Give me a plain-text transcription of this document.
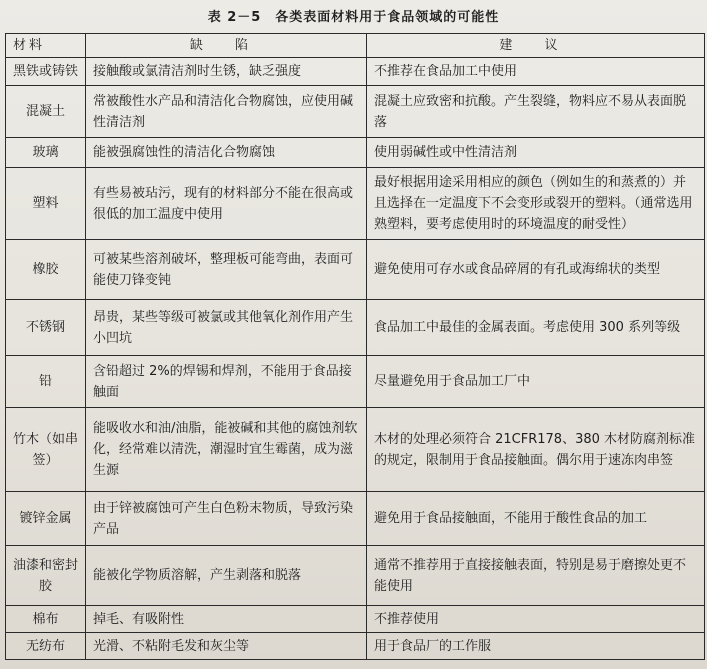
表 2－5　各类表面材料用于食品领域的可能性
材料	缺 陷	建 议
黑铁或铸铁	接触酸或氯清洁剂时生锈，缺乏强度	不推荐在食品加工中使用
混凝土	常被酸性水产品和清洁化合物腐蚀，应使用碱性清洁剂	混凝土应致密和抗酸。产生裂缝，物料应不易从表面脱落
玻璃	能被强腐蚀性的清洁化合物腐蚀	使用弱碱性或中性清洁剂
塑料	有些易被玷污，现有的材料部分不能在很高或很低的加工温度中使用	最好根据用途采用相应的颜色（例如生的和蒸煮的）并且选择在一定温度下不会变形或裂开的塑料。（通常选用熟塑料，要考虑使用时的环境温度的耐受性）
橡胶	可被某些溶剂破坏，整理板可能弯曲，表面可能使刀锋变钝	避免使用可存水或食品碎屑的有孔或海绵状的类型
不锈钢	昂贵，某些等级可被氯或其他氧化剂作用产生小凹坑	食品加工中最佳的金属表面。考虑使用 300 系列等级
铅	含铅超过 2%的焊锡和焊剂，不能用于食品接触面	尽量避免用于食品加工厂中
竹木（如串签）	能吸收水和油/油脂，能被碱和其他的腐蚀剂软化，经常难以清洗，潮湿时宜生霉菌，成为滋生源	木材的处理必须符合 21CFR178、380 木材防腐剂标准的规定，限制用于食品接触面。偶尔用于速冻肉串签
镀锌金属	由于锌被腐蚀可产生白色粉末物质，导致污染产品	避免用于食品接触面，不能用于酸性食品的加工
油漆和密封胶	能被化学物质溶解，产生剥落和脱落	通常不推荐用于直接接触表面，特别是易于磨擦处更不能使用
棉布	掉毛、有吸附性	不推荐使用
无纺布	光滑、不粘附毛发和灰尘等	用于食品厂的工作服
